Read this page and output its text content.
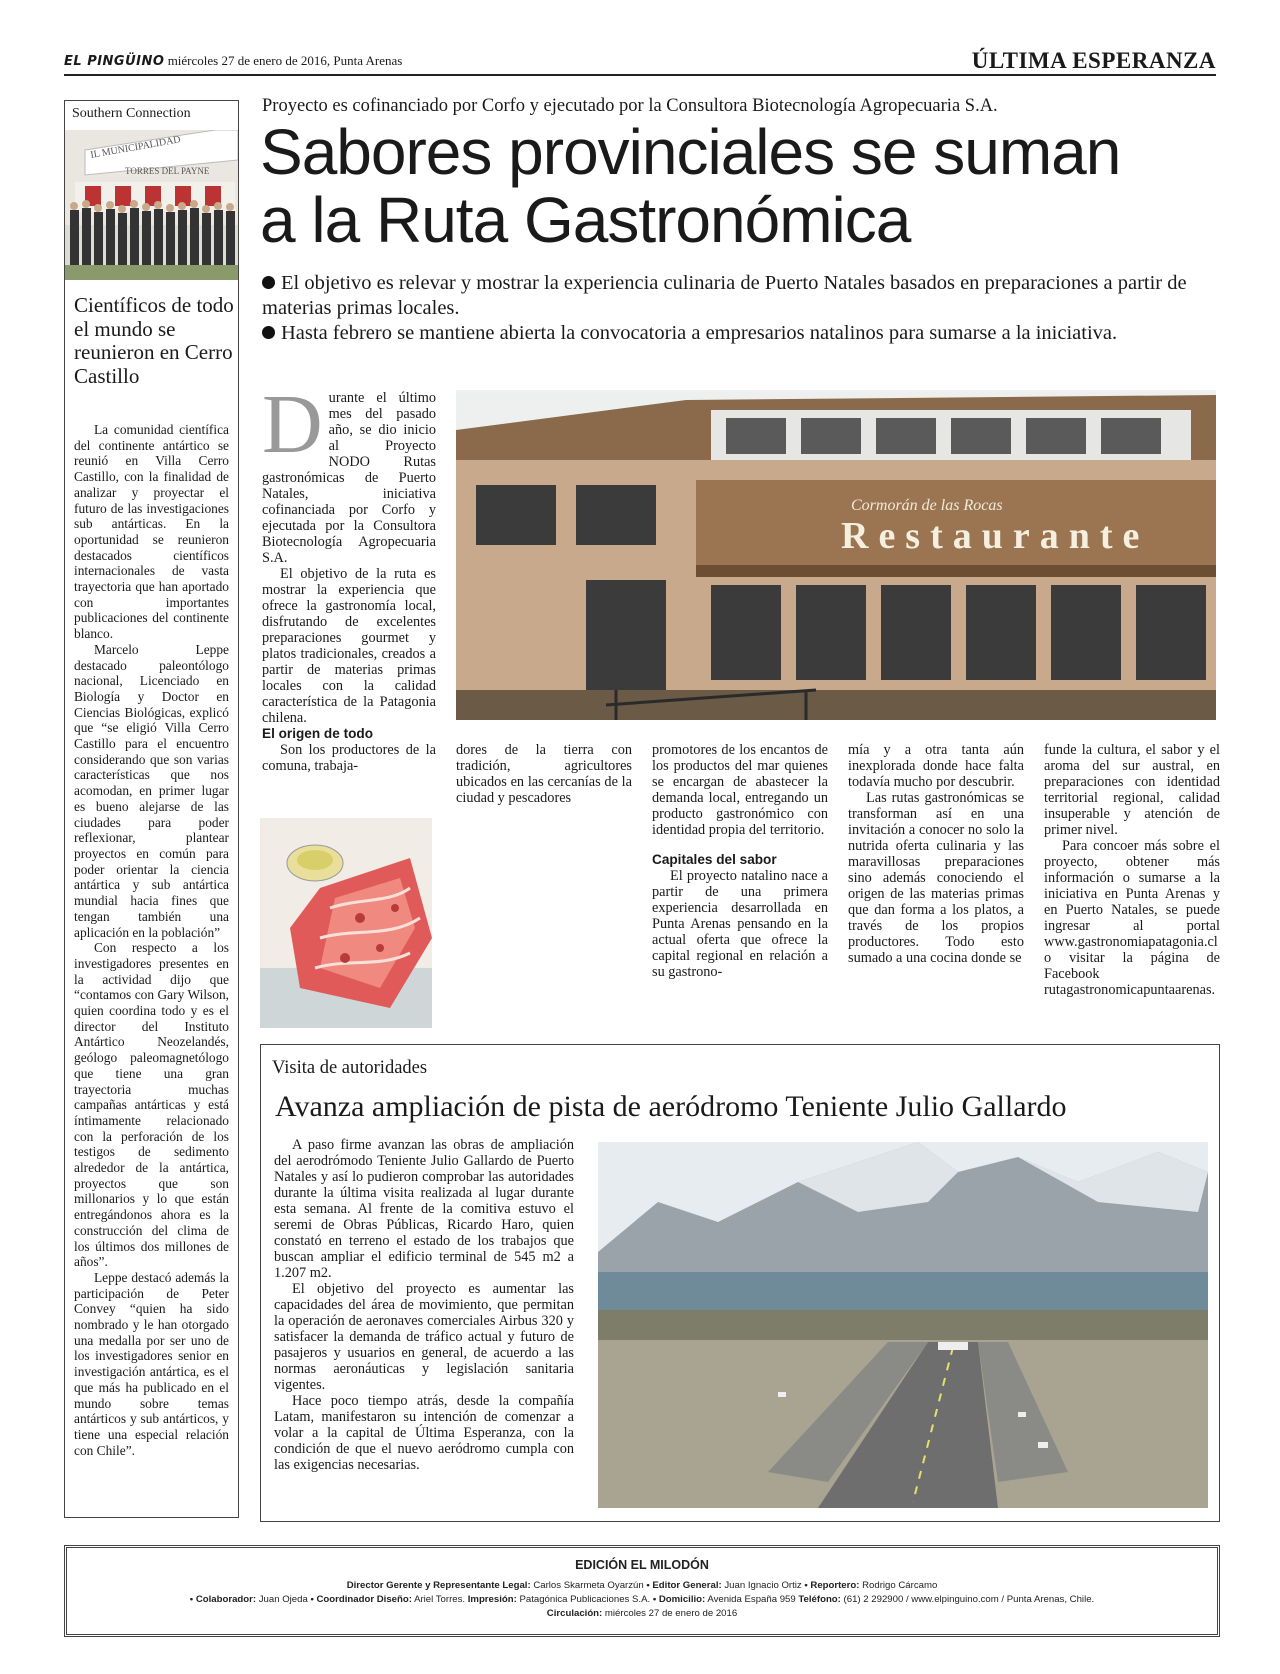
EL PINGÜINO miércoles 27 de enero de 2016, Punta Arenas	ÚLTIMA ESPERANZA
Southern Connection
IL MUNICIPALIDAD
TORRES DEL PAYNE
Científicos de todo el mundo se reunieron en Cerro Castillo

La comunidad científica del continente antártico se reunió en Villa Cerro Castillo, con la finalidad de analizar y proyectar el futuro de las investigaciones sub antárticas. En la oportunidad se reunieron destacados científicos internacionales de vasta trayectoria que han aportado con importantes publicaciones del continente blanco.

Marcelo Leppe destacado paleontólogo nacional, Licenciado en Biología y Doctor en Ciencias Biológicas, explicó que “se eligió Villa Cerro Castillo para el encuentro considerando que son varias características que nos acomodan, en primer lugar es bueno alejarse de las ciudades para poder reflexionar, plantear proyectos en común para poder orientar la ciencia antártica y sub antártica mundial hacia fines que tengan también una aplicación en la población”

Con respecto a los investigadores presentes en la actividad dijo que “contamos con Gary Wilson, quien coordina todo y es el director del Instituto Antártico Neozelandés, geólogo paleomagnetólogo que tiene una gran trayectoria muchas campañas antárticas y está íntimamente relacionado con la perforación de los testigos de sedimento alrededor de la antártica, proyectos que son millonarios y lo que están entregándonos ahora es la construcción del clima de los últimos dos millones de años”.

Leppe destacó además la participación de Peter Convey “quien ha sido nombrado y le han otorgado una medalla por ser uno de los investigadores senior en investigación antártica, es el que más ha publicado en el mundo sobre temas antárticos y sub antárticos, y tiene una especial relación con Chile”.

Proyecto es cofinanciado por Corfo y ejecutado por la Consultora Biotecnología Agropecuaria S.A.
Sabores provinciales se suman
a la Ruta Gastronómica
El objetivo es relevar y mostrar la experiencia culinaria de Puerto Natales basados en preparaciones a partir de materias primas locales.
Hasta febrero se mantiene abierta la convocatoria a empresarios natalinos para sumarse a la iniciativa.
D urante el último mes del pasado año, se dio inicio al Proyecto NODO Rutas gastronómicas de Puerto Natales, iniciativa cofinanciada por Corfo y ejecutada por la Consultora Biotecnología Agropecuaria S.A.

El objetivo de la ruta es mostrar la experiencia que ofrece la gastronomía local, disfrutando de excelentes preparaciones gourmet y platos tradicionales, creados a partir de materias primas locales con la calidad característica de la Patagonia chilena.

El origen de todo

Son los productores de la comuna, trabaja-

Cormorán de las Rocas
Restaurante

dores de la tierra con tradición, agricultores ubicados en las cercanías de la ciudad y pescadores

promotores de los encantos de los productos del mar quienes se encargan de abastecer la demanda local, entregando un producto gastronómico con identidad propia del territorio.

Capitales del sabor

El proyecto natalino nace a partir de una primera experiencia desarrollada en Punta Arenas pensando en la actual oferta que ofrece la capital regional en relación a su gastrono-

mía y a otra tanta aún inexplorada donde hace falta todavía mucho por descubrir.

Las rutas gastronómicas se transforman así en una invitación a conocer no solo la nutrida oferta culinaria y las maravillosas preparaciones sino además conociendo el origen de las materias primas que dan forma a los platos, a través de los propios productores. Todo esto sumado a una cocina donde se

funde la cultura, el sabor y el aroma del sur austral, en preparaciones con identidad territorial regional, calidad insuperable y atención de primer nivel.

Para concoer más sobre el proyecto, obtener más información o sumarse a la iniciativa en Punta Arenas y en Puerto Natales, se puede ingresar al portal www.gastronomiapatagonia.cl o visitar la página de Facebook rutagastronomicapuntaarenas.

Visita de autoridades
Avanza ampliación de pista de aeródromo Teniente Julio Gallardo

A paso firme avanzan las obras de ampliación del aerodrómodo Teniente Julio Gallardo de Puerto Natales y así lo pudieron comprobar las autoridades durante la última visita realizada al lugar durante esta semana. Al frente de la comitiva estuvo el seremi de Obras Públicas, Ricardo Haro, quien constató en terreno el estado de los trabajos que buscan ampliar el edificio terminal de 545 m2 a 1.207 m2.

El objetivo del proyecto es aumentar las capacidades del área de movimiento, que permitan la operación de aeronaves comerciales Airbus 320 y satisfacer la demanda de tráfico actual y futuro de pasajeros y usuarios en general, de acuerdo a las normas aeronáuticas y legislación sanitaria vigentes.

Hace poco tiempo atrás, desde la compañía Latam, manifestaron su intención de comenzar a volar a la capital de Última Esperanza, con la condición de que el nuevo aeródromo cumpla con las exigencias necesarias.

EDICIÓN EL MILODÓN
Director Gerente y Representante Legal: Carlos Skarmeta Oyarzún • Editor General: Juan Ignacio Ortiz • Reportero: Rodrigo Cárcamo
• Colaborador: Juan Ojeda • Coordinador Diseño: Ariel Torres. Impresión: Patagónica Publicaciones S.A. • Domicilio: Avenida España 959 Teléfono: (61) 2 292900 / www.elpinguino.com / Punta Arenas, Chile.
Circulación: miércoles 27 de enero de 2016
